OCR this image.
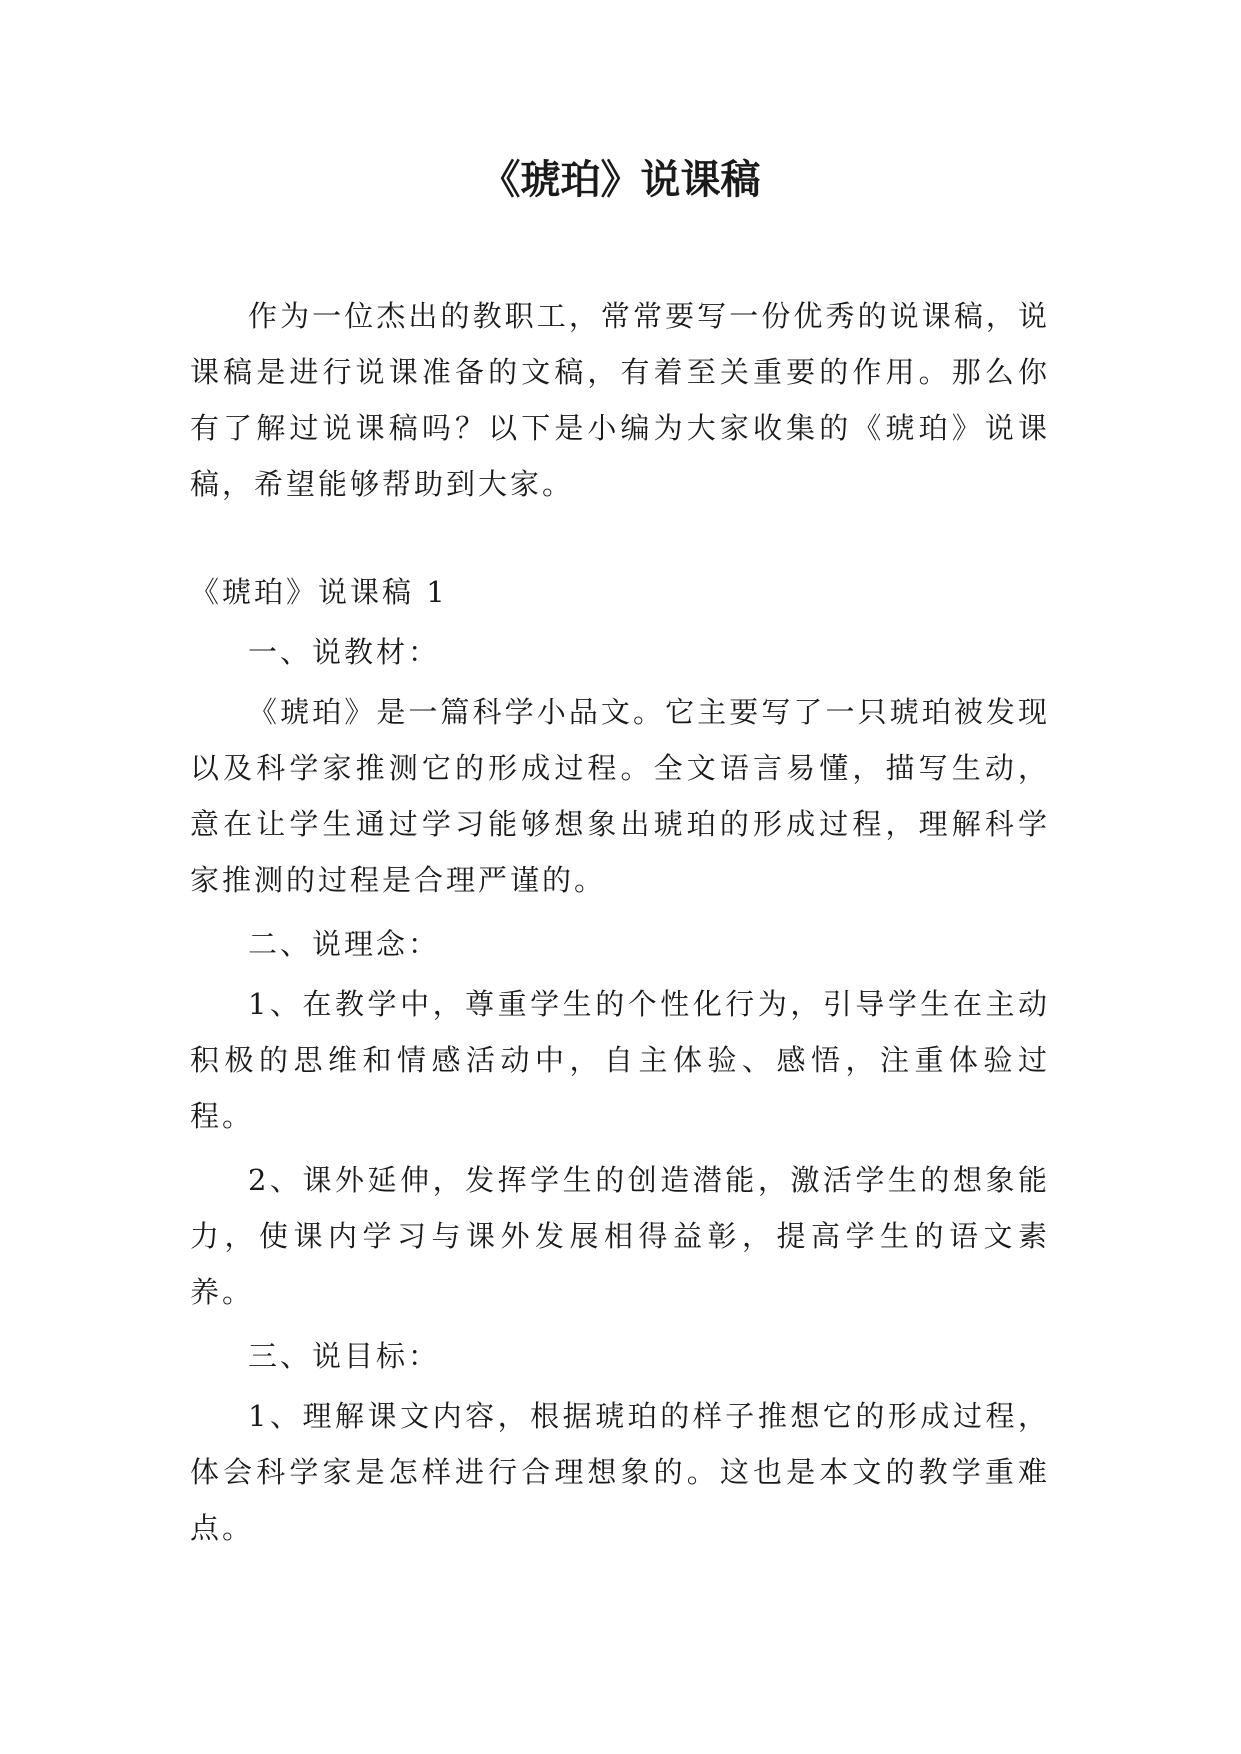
《琥珀》说课稿

作为一位杰出的教职工，常常要写一份优秀的说课稿，说课稿是进行说课准备的文稿，有着至关重要的作用。那么你有了解过说课稿吗？以下是小编为大家收集的《琥珀》说课稿，希望能够帮助到大家。

《琥珀》说课稿 1

一、说教材：

《琥珀》是一篇科学小品文。它主要写了一只琥珀被发现以及科学家推测它的形成过程。全文语言易懂，描写生动，意在让学生通过学习能够想象出琥珀的形成过程，理解科学家推测的过程是合理严谨的。

二、说理念：

1、在教学中，尊重学生的个性化行为，引导学生在主动积极的思维和情感活动中，自主体验、感悟，注重体验过程。

2、课外延伸，发挥学生的创造潜能，激活学生的想象能力，使课内学习与课外发展相得益彰，提高学生的语文素养。

三、说目标：

1、理解课文内容，根据琥珀的样子推想它的形成过程，体会科学家是怎样进行合理想象的。这也是本文的教学重难点。
